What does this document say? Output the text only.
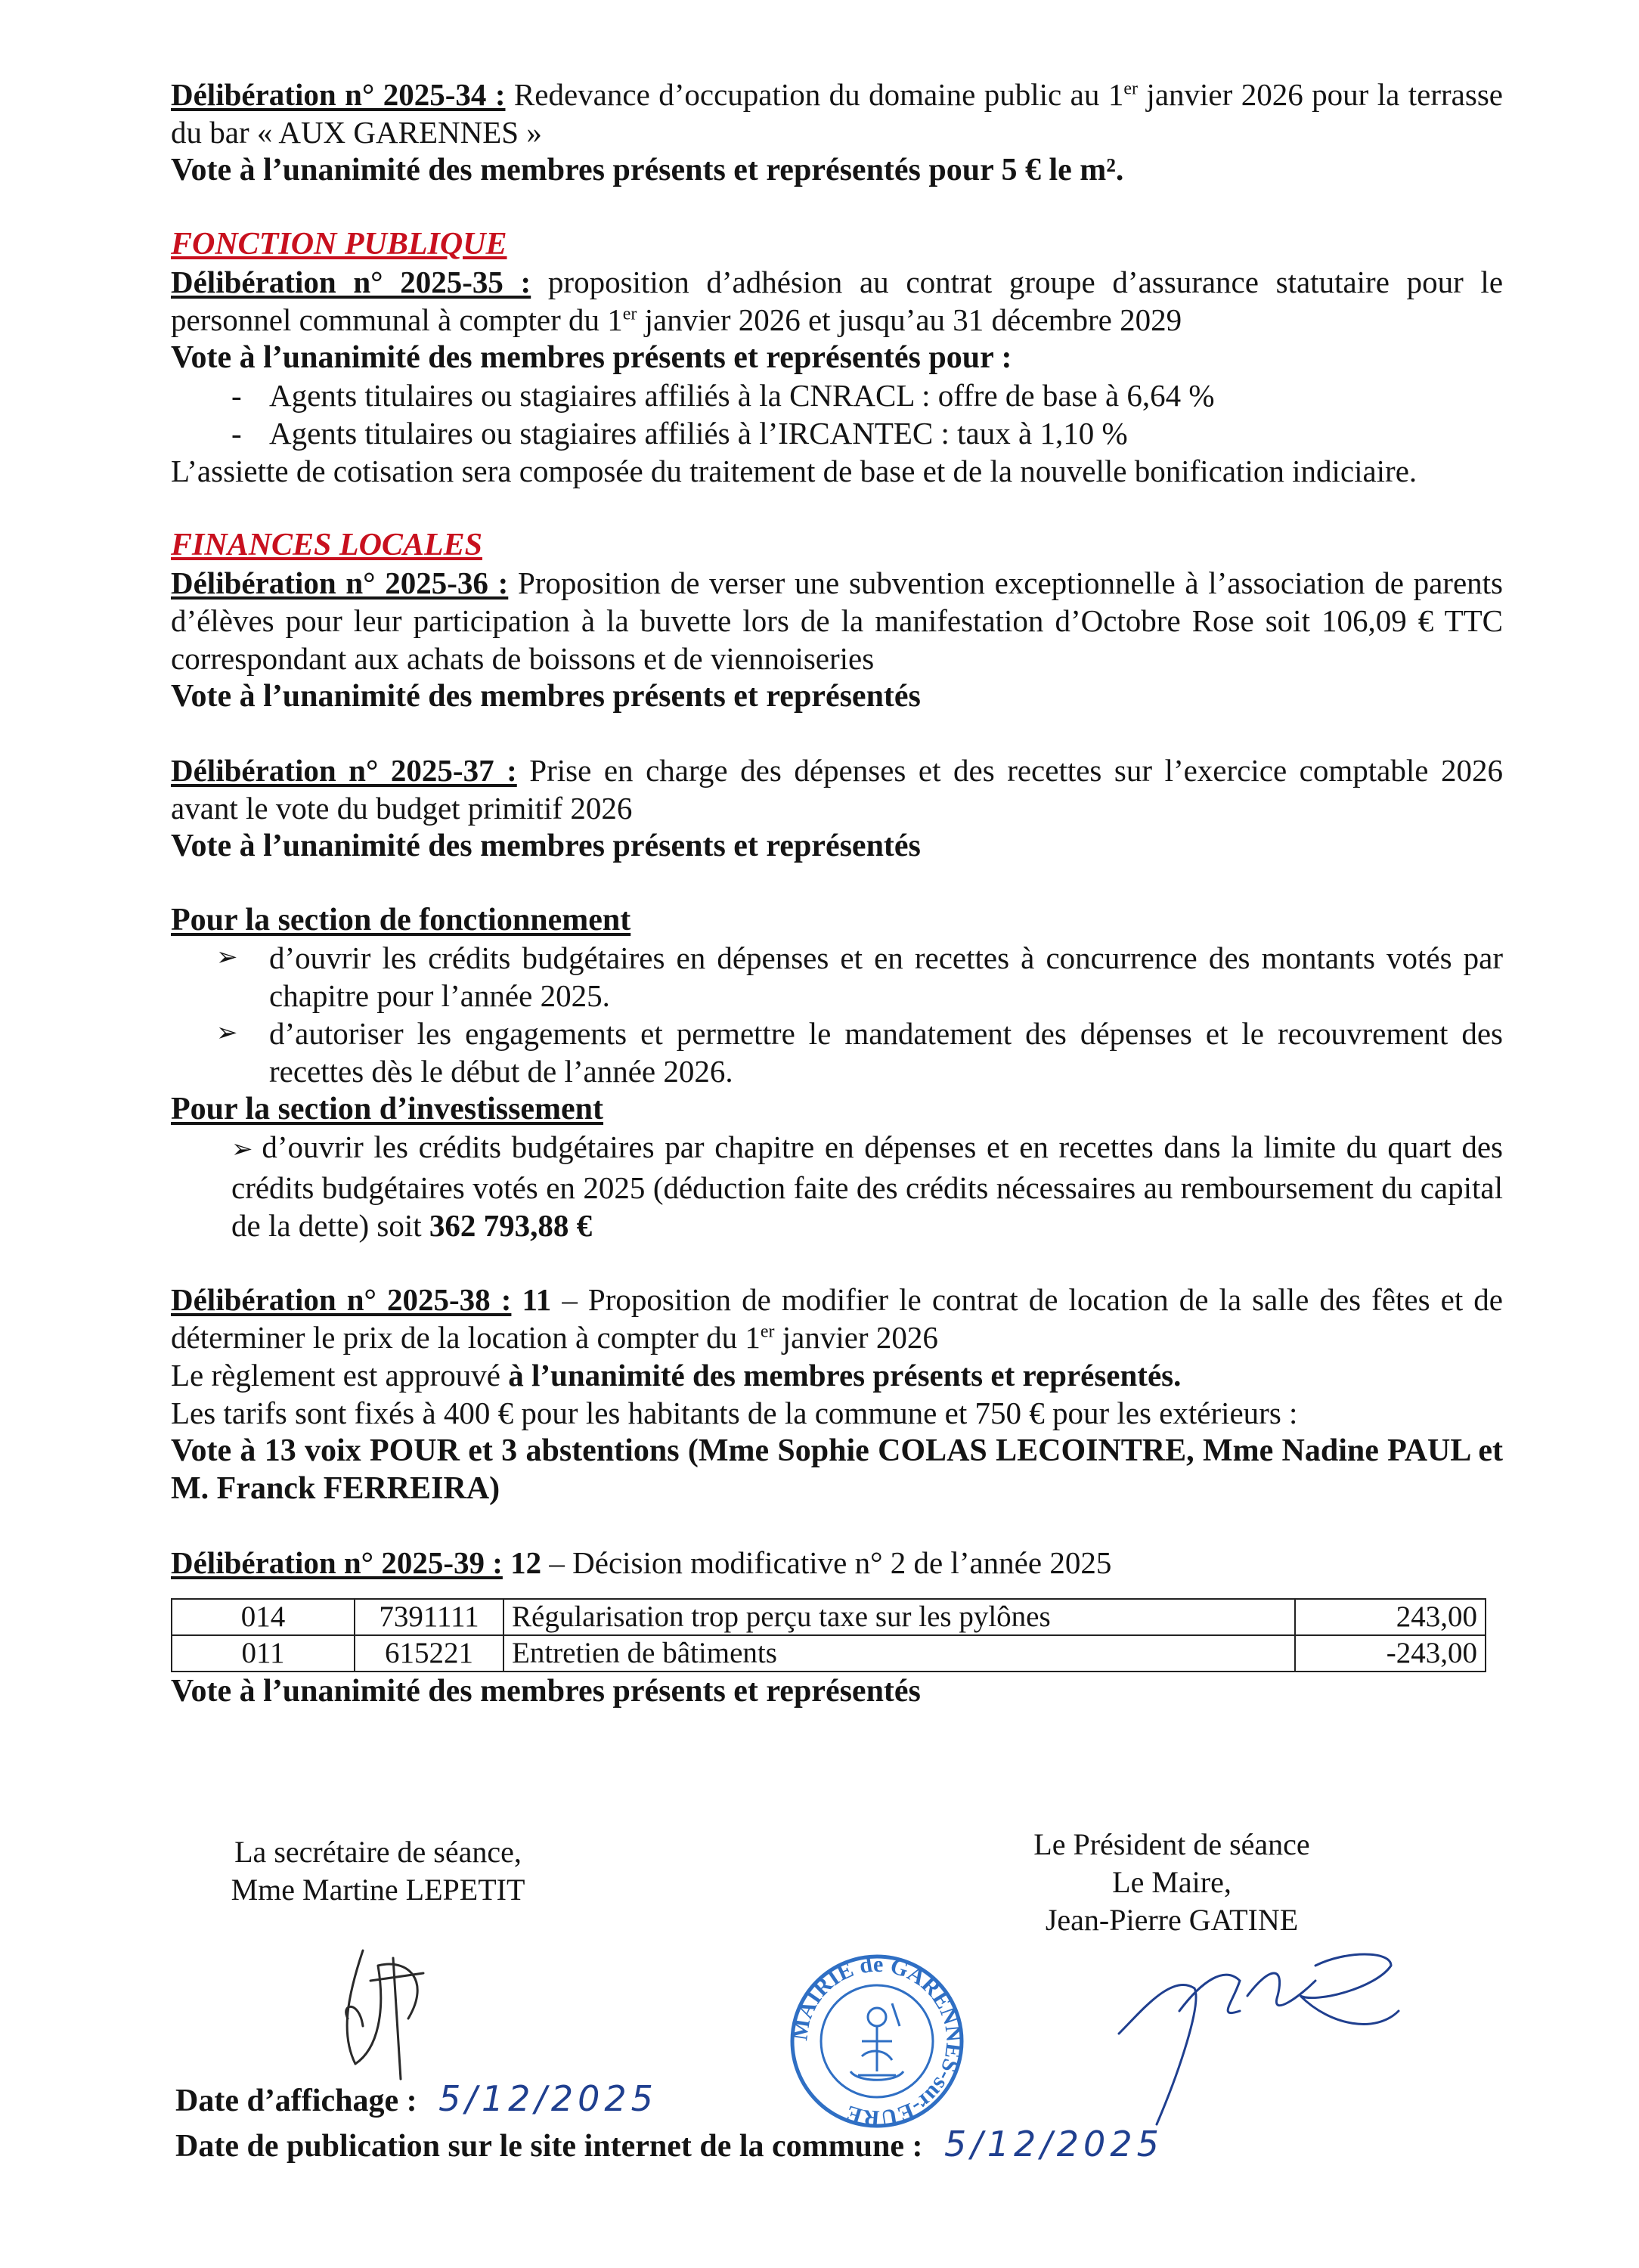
Délibération n° 2025-34 : Redevance d’occupation du domaine public au 1er janvier 2026 pour la terrasse du bar « AUX GARENNES »

Vote à l’unanimité des membres présents et représentés pour 5 € le m².

FONCTION PUBLIQUE

Délibération n° 2025-35 : proposition d’adhésion au contrat groupe d’assurance statutaire pour le personnel communal à compter du 1er janvier 2026 et jusqu’au 31 décembre 2029

Vote à l’unanimité des membres présents et représentés pour :

- Agents titulaires ou stagiaires affiliés à la CNRACL : offre de base à 6,64 %
- Agents titulaires ou stagiaires affiliés à l’IRCANTEC : taux à 1,10 %

L’assiette de cotisation sera composée du traitement de base et de la nouvelle bonification indiciaire.

FINANCES LOCALES

Délibération n° 2025-36 : Proposition de verser une subvention exceptionnelle à l’association de parents d’élèves pour leur participation à la buvette lors de la manifestation d’Octobre Rose soit 106,09 € TTC correspondant aux achats de boissons et de viennoiseries

Vote à l’unanimité des membres présents et représentés

Délibération n° 2025-37 : Prise en charge des dépenses et des recettes sur l’exercice comptable 2026 avant le vote du budget primitif 2026

Vote à l’unanimité des membres présents et représentés

Pour la section de fonctionnement

➢ d’ouvrir les crédits budgétaires en dépenses et en recettes à concurrence des montants votés par chapitre pour l’année 2025.
➢ d’autoriser les engagements et permettre le mandatement des dépenses et le recouvrement des recettes dès le début de l’année 2026.

Pour la section d’investissement

➢ d’ouvrir les crédits budgétaires par chapitre en dépenses et en recettes dans la limite du quart des crédits budgétaires votés en 2025 (déduction faite des crédits nécessaires au remboursement du capital de la dette) soit 362 793,88 €

Délibération n° 2025-38 : 11 – Proposition de modifier le contrat de location de la salle des fêtes et de déterminer le prix de la location à compter du 1er janvier 2026

Le règlement est approuvé à l’unanimité des membres présents et représentés.

Les tarifs sont fixés à 400 € pour les habitants de la commune et 750 € pour les extérieurs :

Vote à 13 voix POUR et 3 abstentions (Mme Sophie COLAS LECOINTRE, Mme Nadine PAUL et M. Franck FERREIRA)

Délibération n° 2025-39 : 12 – Décision modificative n° 2 de l’année 2025

014	7391111	Régularisation trop perçu taxe sur les pylônes	243,00
011	615221	Entretien de bâtiments	-243,00

Vote à l’unanimité des membres présents et représentés

La secrétaire de séance,
Mme Martine LEPETIT
MAIRIE de GARENNES-sur-EURE
Le Président de séance
Le Maire,
Jean-Pierre GATINE
Date d’affichage : 5/12/2025
Date de publication sur le site internet de la commune : 5/12/2025
